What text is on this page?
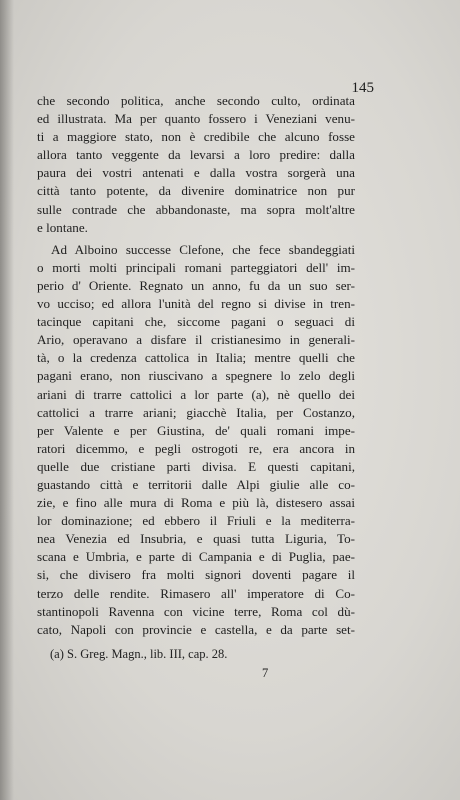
145
che secondo politica, anche secondo culto, ordinata
ed illustrata. Ma per quanto fossero i Veneziani venu-
ti a maggiore stato, non è credibile che alcuno fosse
allora tanto veggente da levarsi a loro predire: dalla
paura dei vostri antenati e dalla vostra sorgerà una
città tanto potente, da divenire dominatrice non pur
sulle contrade che abbandonaste, ma sopra molt'altre
e lontane.
Ad Alboino successe Clefone, che fece sbandeggiati
o morti molti principali romani parteggiatori dell' im-
perio d' Oriente. Regnato un anno, fu da un suo ser-
vo ucciso; ed allora l'unità del regno si divise in tren-
tacinque capitani che, siccome pagani o seguaci di
Ario, operavano a disfare il cristianesimo in generali-
tà, o la credenza cattolica in Italia; mentre quelli che
pagani erano, non riuscivano a spegnere lo zelo degli
ariani di trarre cattolici a lor parte (a), nè quello dei
cattolici a trarre ariani; giacchè Italia, per Costanzo,
per Valente e per Giustina, de' quali romani impe-
ratori dicemmo, e pegli ostrogoti re, era ancora in
quelle due cristiane parti divisa. E questi capitani,
guastando città e territorii dalle Alpi giulie alle co-
zie, e fino alle mura di Roma e più là, distesero assai
lor dominazione; ed ebbero il Friuli e la mediterra-
nea Venezia ed Insubria, e quasi tutta Liguria, To-
scana e Umbria, e parte di Campania e di Puglia, pae-
si, che divisero fra molti signori doventi pagare il
terzo delle rendite. Rimasero all' imperatore di Co-
stantinopoli Ravenna con vicine terre, Roma col dù-
cato, Napoli con provincie e castella, e da parte set-
(a) S. Greg. Magn., lib. III, cap. 28.
7
